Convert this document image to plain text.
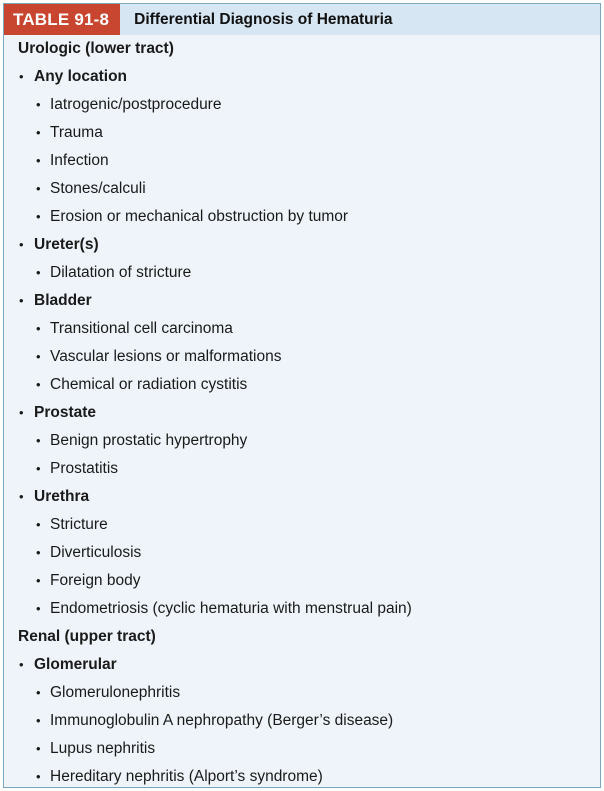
TABLE 91-8	Differential Diagnosis of Hematuria
Urologic (lower tract)
• Any location
• Iatrogenic/postprocedure
• Trauma
• Infection
• Stones/calculi
• Erosion or mechanical obstruction by tumor
• Ureter(s)
• Dilatation of stricture
• Bladder
• Transitional cell carcinoma
• Vascular lesions or malformations
• Chemical or radiation cystitis
• Prostate
• Benign prostatic hypertrophy
• Prostatitis
• Urethra
• Stricture
• Diverticulosis
• Foreign body
• Endometriosis (cyclic hematuria with menstrual pain)
Renal (upper tract)
• Glomerular
• Glomerulonephritis
• Immunoglobulin A nephropathy (Berger’s disease)
• Lupus nephritis
• Hereditary nephritis (Alport’s syndrome)
